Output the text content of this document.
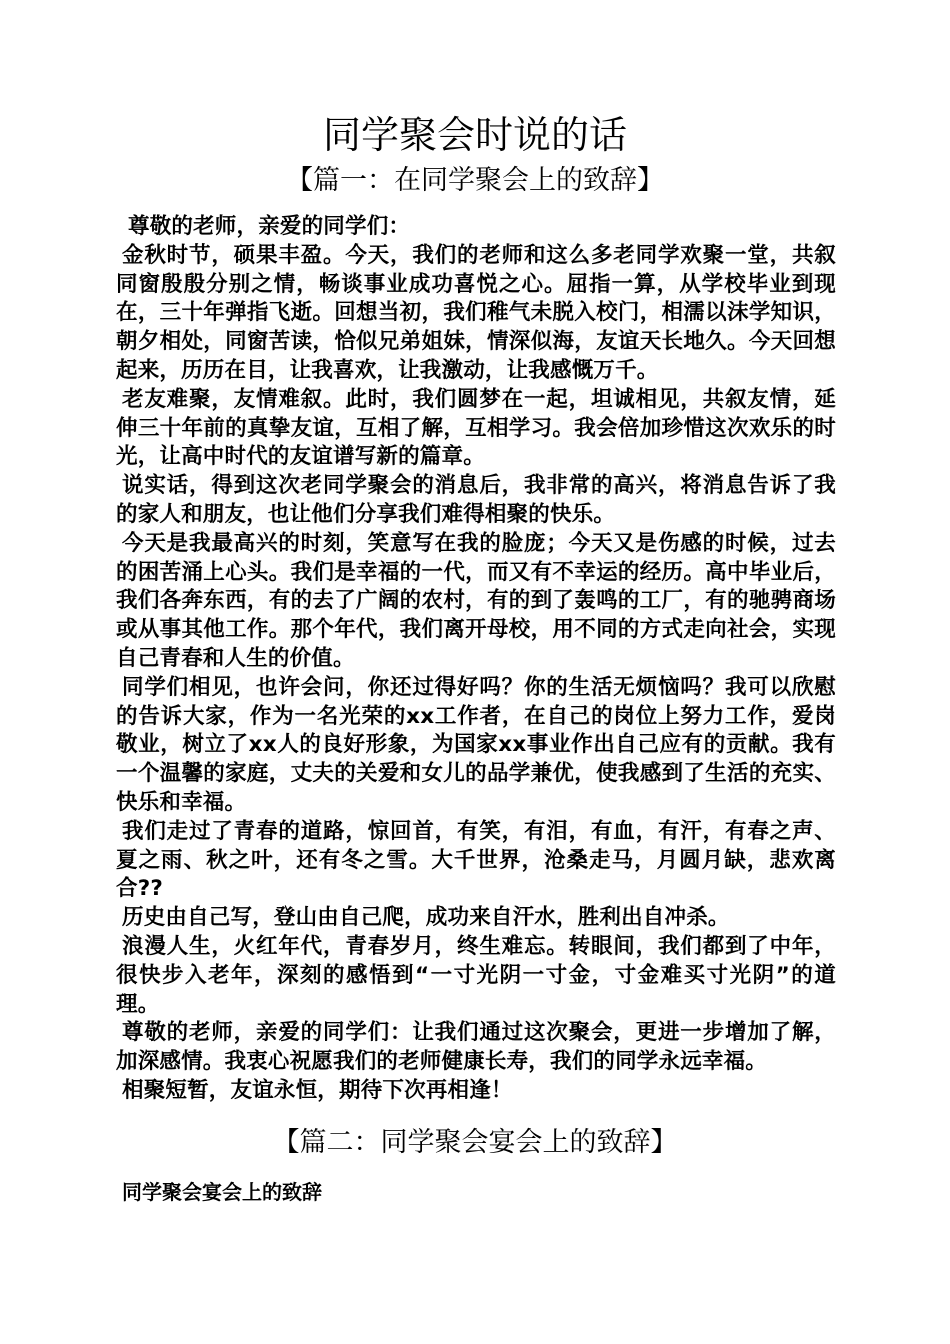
同学聚会时说的话
【篇一：在同学聚会上的致辞】

尊敬的老师，亲爱的同学们：

金秋时节，硕果丰盈。今天，我们的老师和这么多老同学欢聚一堂，共叙同窗殷殷分别之情，畅谈事业成功喜悦之心。屈指一算，从学校毕业到现在，三十年弹指飞逝。回想当初，我们稚气未脱入校门，相濡以沫学知识，朝夕相处，同窗苦读，恰似兄弟姐妹，情深似海，友谊天长地久。今天回想起来，历历在目，让我喜欢，让我激动，让我感慨万千。

老友难聚，友情难叙。此时，我们圆梦在一起，坦诚相见，共叙友情，延伸三十年前的真挚友谊，互相了解，互相学习。我会倍加珍惜这次欢乐的时光，让高中时代的友谊谱写新的篇章。

说实话，得到这次老同学聚会的消息后，我非常的高兴，将消息告诉了我的家人和朋友，也让他们分享我们难得相聚的快乐。

今天是我最高兴的时刻，笑意写在我的脸庞；今天又是伤感的时候，过去的困苦涌上心头。我们是幸福的一代，而又有不幸运的经历。高中毕业后，我们各奔东西，有的去了广阔的农村，有的到了轰鸣的工厂，有的驰骋商场或从事其他工作。那个年代，我们离开母校，用不同的方式走向社会，实现自己青春和人生的价值。

同学们相见，也许会问，你还过得好吗？你的生活无烦恼吗？我可以欣慰的告诉大家，作为一名光荣的xx工作者，在自己的岗位上努力工作，爱岗敬业，树立了xx人的良好形象，为国家xx事业作出自己应有的贡献。我有一个温馨的家庭，丈夫的关爱和女儿的品学兼优，使我感到了生活的充实、快乐和幸福。

我们走过了青春的道路，惊回首，有笑，有泪，有血，有汗，有春之声、夏之雨、秋之叶，还有冬之雪。大千世界，沧桑走马，月圆月缺，悲欢离合??

历史由自己写，登山由自己爬，成功来自汗水，胜利出自冲杀。

浪漫人生，火红年代，青春岁月，终生难忘。转眼间，我们都到了中年，很快步入老年，深刻的感悟到“一寸光阴一寸金，寸金难买寸光阴”的道理。

尊敬的老师，亲爱的同学们：让我们通过这次聚会，更进一步增加了解，加深感情。我衷心祝愿我们的老师健康长寿，我们的同学永远幸福。

相聚短暂，友谊永恒，期待下次再相逢！

【篇二：同学聚会宴会上的致辞】

同学聚会宴会上的致辞
